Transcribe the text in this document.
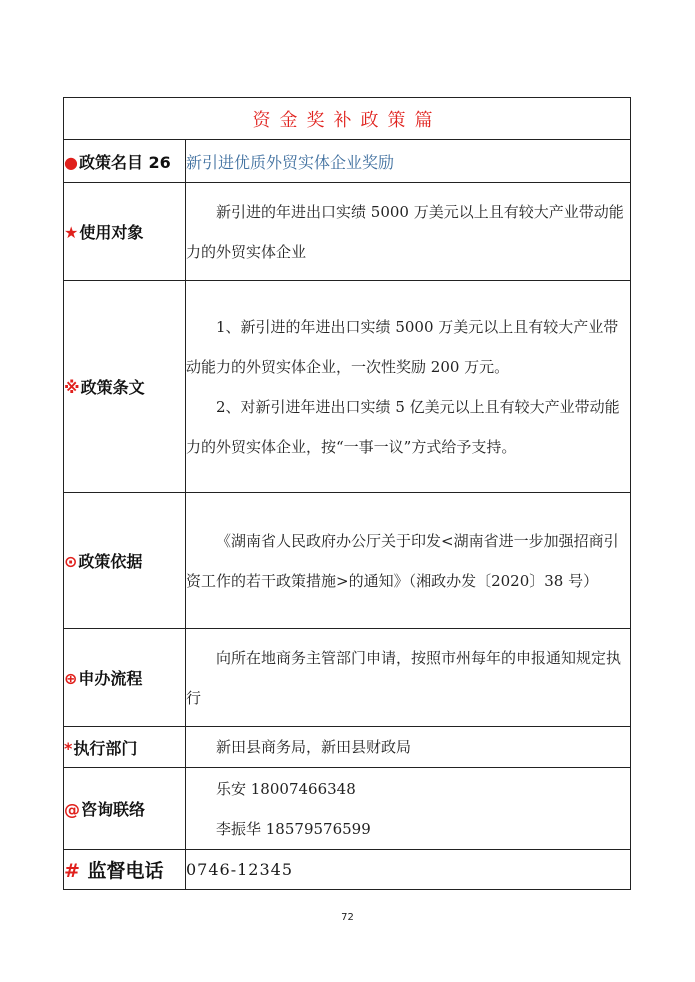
资金奖补政策篇	
●政策名目 26	新引进优质外贸实体企业奖励
★使用对象	新引进的年进出口实绩 5000 万美元以上且有较大产业带动能力的外贸实体企业

※政策条文	1、新引进的年进出口实绩 5000 万美元以上且有较大产业带动能力的外贸实体企业，一次性奖励 200 万元。

2、对新引进年进出口实绩 5 亿美元以上且有较大产业带动能力的外贸实体企业，按“一事一议”方式给予支持。

⊙政策依据	《湖南省人民政府办公厅关于印发<湖南省进一步加强招商引资工作的若干政策措施>的通知》（湘政办发〔2020〕38 号）

⊕申办流程	向所在地商务主管部门申请，按照市州每年的申报通知规定执行

*执行部门	新田县商务局，新田县财政局

@咨询联络	乐安 18007466348

李振华 18579576599

# 监督电话	0746-12345
72
